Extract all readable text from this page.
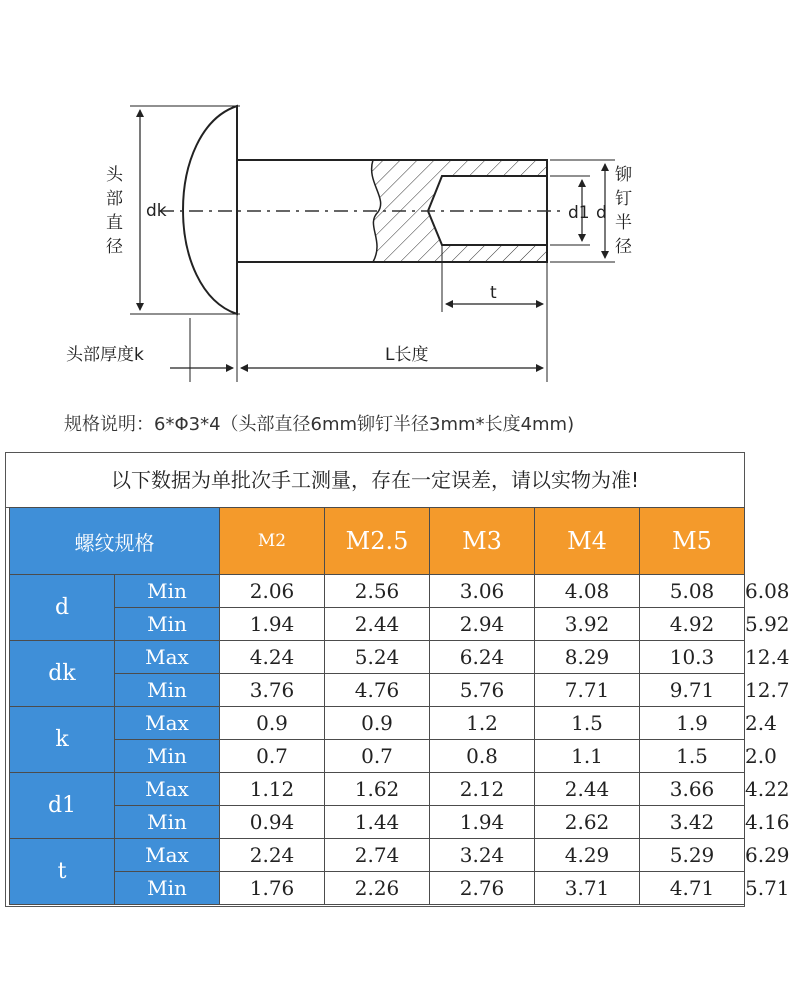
头
部
直
径
dk	d1 d
铆
钉
半
径
t
头部厚度k	L长度
规格说明：6*Φ3*4（头部直径6mm铆钉半径3mm*长度4mm)
以下数据为单批次手工测量，存在一定误差，请以实物为准!
螺纹规格		M2	M2.5	M3	M4	M5	M6
d	Min	2.06	2.56	3.06	4.08	5.08	6.08
	Min	1.94	2.44	2.94	3.92	4.92	5.92
dk	Max	4.24	5.24	6.24	8.29	10.3	12.4
	Min	3.76	4.76	5.76	7.71	9.71	12.7
k	Max	0.9	0.9	1.2	1.5	1.9	2.4
	Min	0.7	0.7	0.8	1.1	1.5	2.0
d1	Max	1.12	1.62	2.12	2.44	3.66	4.22
	Min	0.94	1.44	1.94	2.62	3.42	4.16
t	Max	2.24	2.74	3.24	4.29	5.29	6.29
	Min	1.76	2.26	2.76	3.71	4.71	5.71
